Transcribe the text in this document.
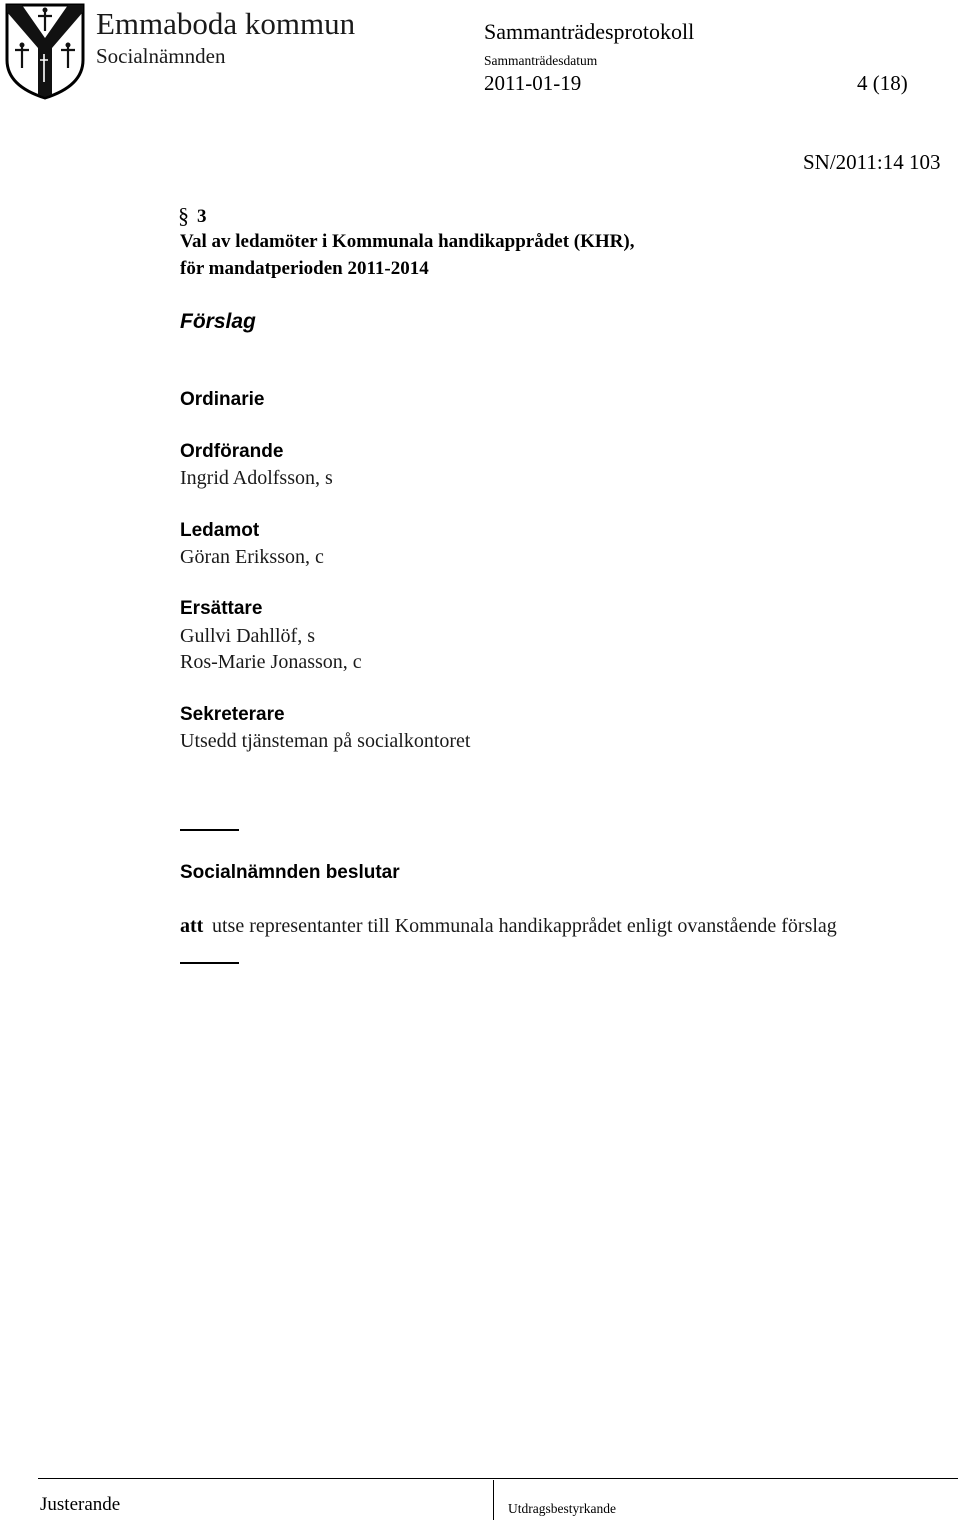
Emmaboda kommun
Socialnämnden
Sammanträdesprotokoll
Sammanträdesdatum
2011-01-19	4 (18)
SN/2011:14 103
§ 3
Val av ledamöter i Kommunala handikapprådet (KHR),
för mandatperioden 2011-2014
Förslag
Ordinarie
Ordförande
Ingrid Adolfsson, s
Ledamot
Göran Eriksson, c
Ersättare
Gullvi Dahllöf, s
Ros-Marie Jonasson, c
Sekreterare
Utsedd tjänsteman på socialkontoret
Socialnämnden beslutar
att utse representanter till Kommunala handikapprådet enligt ovanstående förslag
Justerande	Utdragsbestyrkande
